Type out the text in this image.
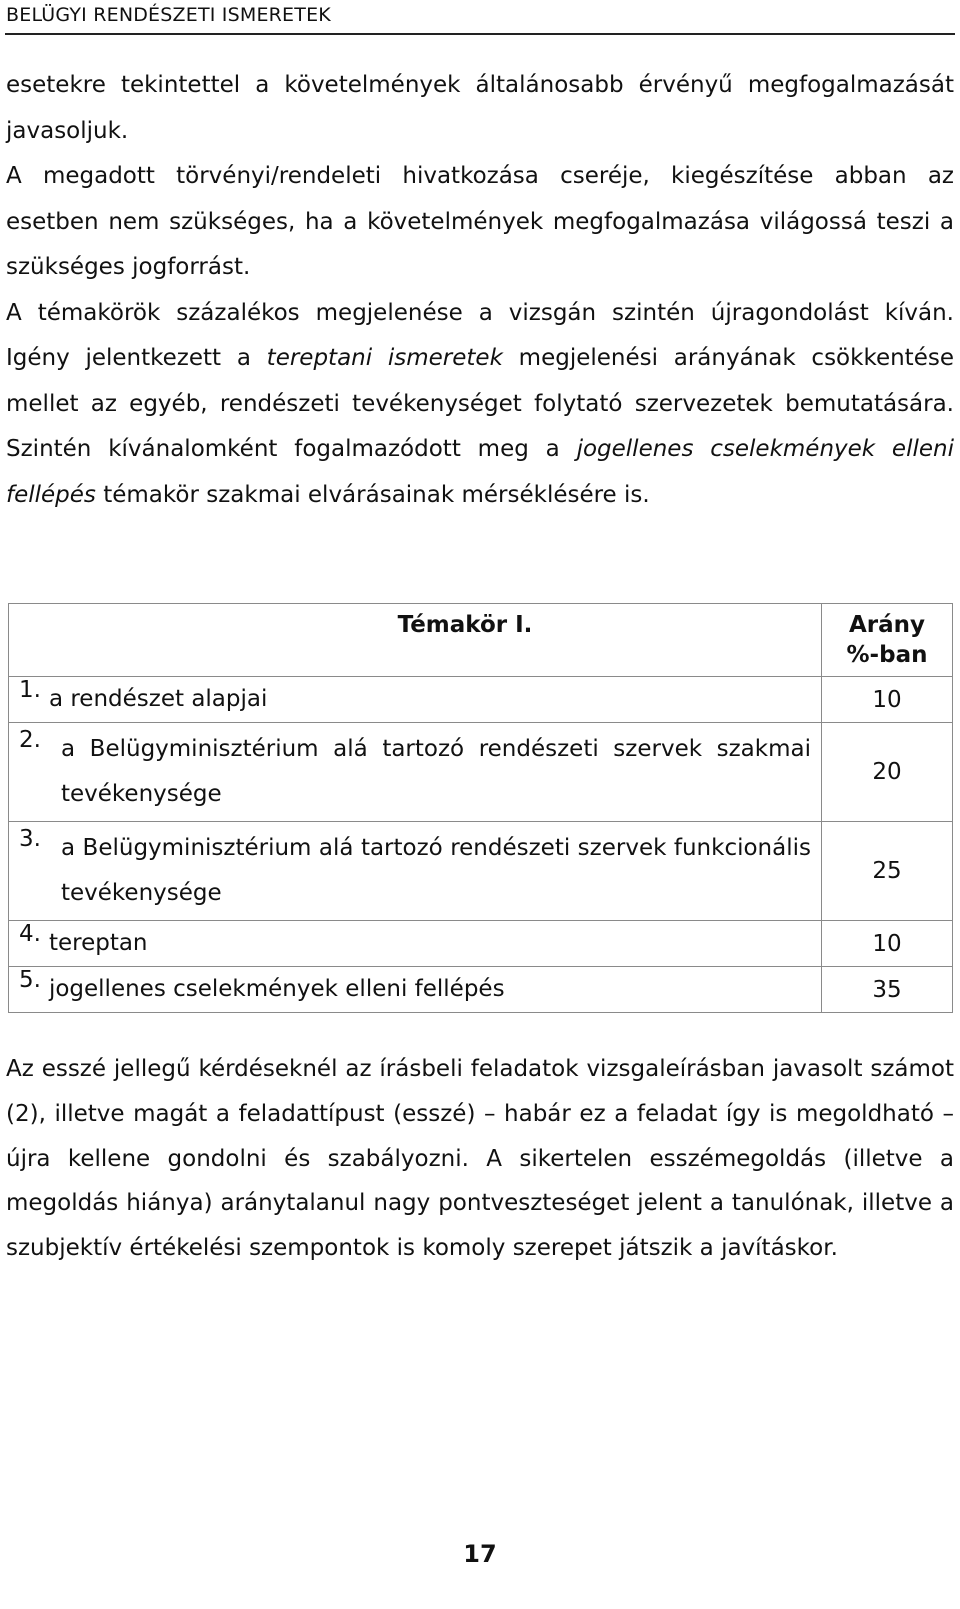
BELÜGYI RENDÉSZETI ISMERETEK

esetekre tekintettel a követelmények általánosabb érvényű megfogalmazását javasoljuk.

A megadott törvényi/rendeleti hivatkozása cseréje, kiegészítése abban az esetben nem szükséges, ha a követelmények megfogalmazása világossá teszi a szükséges jogforrást.

A témakörök százalékos megjelenése a vizsgán szintén újragondolást kíván. Igény jelentkezett a tereptani ismeretek megjelenési arányának csökkentése mellet az egyéb, rendészeti tevékenységet folytató szervezetek bemutatására. Szintén kívánalomként fogalmazódott meg a jogellenes cselekmények elleni fellépés témakör szakmai elvárásainak mérséklésére is.

Témakör I.	Arány %-ban

1. a rendészet alapjai	10

2. a Belügyminisztérium alá tartozó rendészeti szervek szakmai tevékenysége	20

3. a Belügyminisztérium alá tartozó rendészeti szervek funkcionális tevékenysége	25

4. tereptan	10

5. jogellenes cselekmények elleni fellépés	35

Az esszé jellegű kérdéseknél az írásbeli feladatok vizsgaleírásban javasolt számot (2), illetve magát a feladattípust (esszé) – habár ez a feladat így is megoldható – újra kellene gondolni és szabályozni. A sikertelen esszémegoldás (illetve a megoldás hiánya) aránytalanul nagy pontveszteséget jelent a tanulónak, illetve a szubjektív értékelési szempontok is komoly szerepet játszik a javításkor.

17
